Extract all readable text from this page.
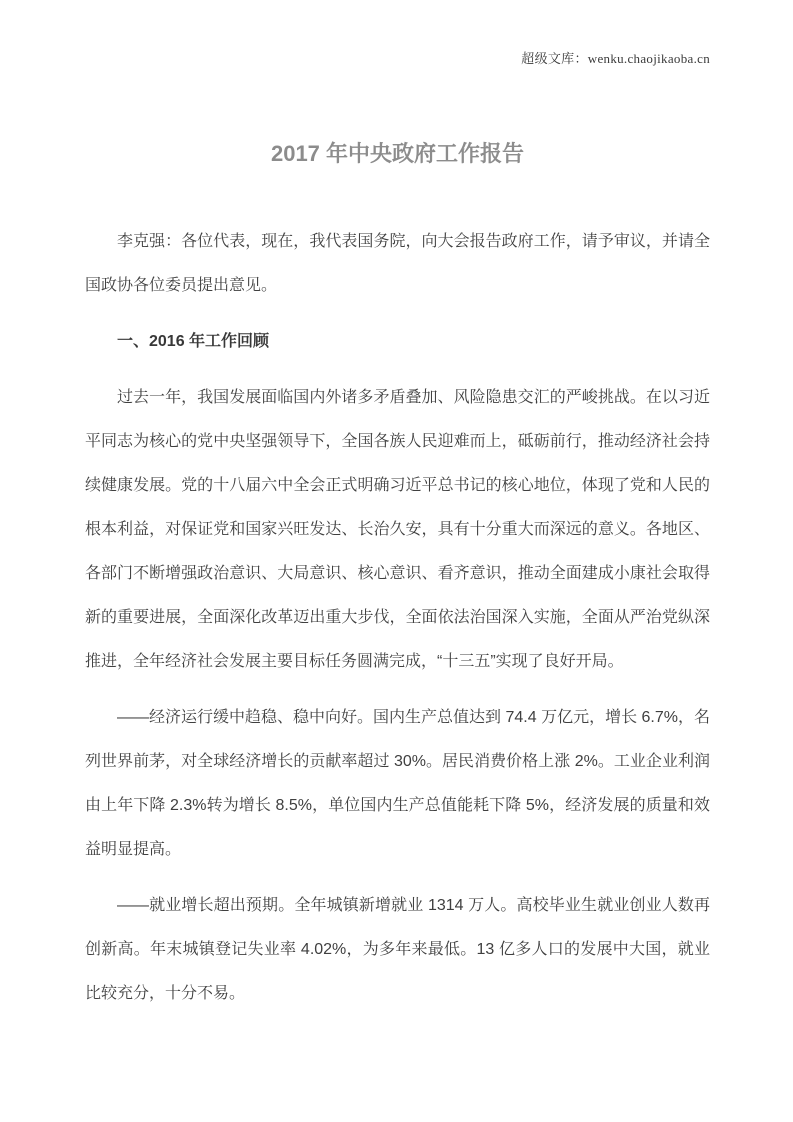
超级文库：wenku.chaojikaoba.cn
2017 年中央政府工作报告

李克强：各位代表，现在，我代表国务院，向大会报告政府工作，请予审议，并请全国政协各位委员提出意见。

一、2016 年工作回顾

过去一年，我国发展面临国内外诸多矛盾叠加、风险隐患交汇的严峻挑战。在以习近平同志为核心的党中央坚强领导下，全国各族人民迎难而上，砥砺前行，推动经济社会持续健康发展。党的十八届六中全会正式明确习近平总书记的核心地位，体现了党和人民的根本利益，对保证党和国家兴旺发达、长治久安，具有十分重大而深远的意义。各地区、各部门不断增强政治意识、大局意识、核心意识、看齐意识，推动全面建成小康社会取得新的重要进展，全面深化改革迈出重大步伐，全面依法治国深入实施，全面从严治党纵深推进，全年经济社会发展主要目标任务圆满完成，“十三五”实现了良好开局。

——经济运行缓中趋稳、稳中向好。国内生产总值达到 74.4 万亿元，增长 6.7%，名列世界前茅，对全球经济增长的贡献率超过 30%。居民消费价格上涨 2%。工业企业利润由上年下降 2.3%转为增长 8.5%，单位国内生产总值能耗下降 5%，经济发展的质量和效益明显提高。

——就业增长超出预期。全年城镇新增就业 1314 万人。高校毕业生就业创业人数再创新高。年末城镇登记失业率 4.02%，为多年来最低。13 亿多人口的发展中大国，就业比较充分，十分不易。
